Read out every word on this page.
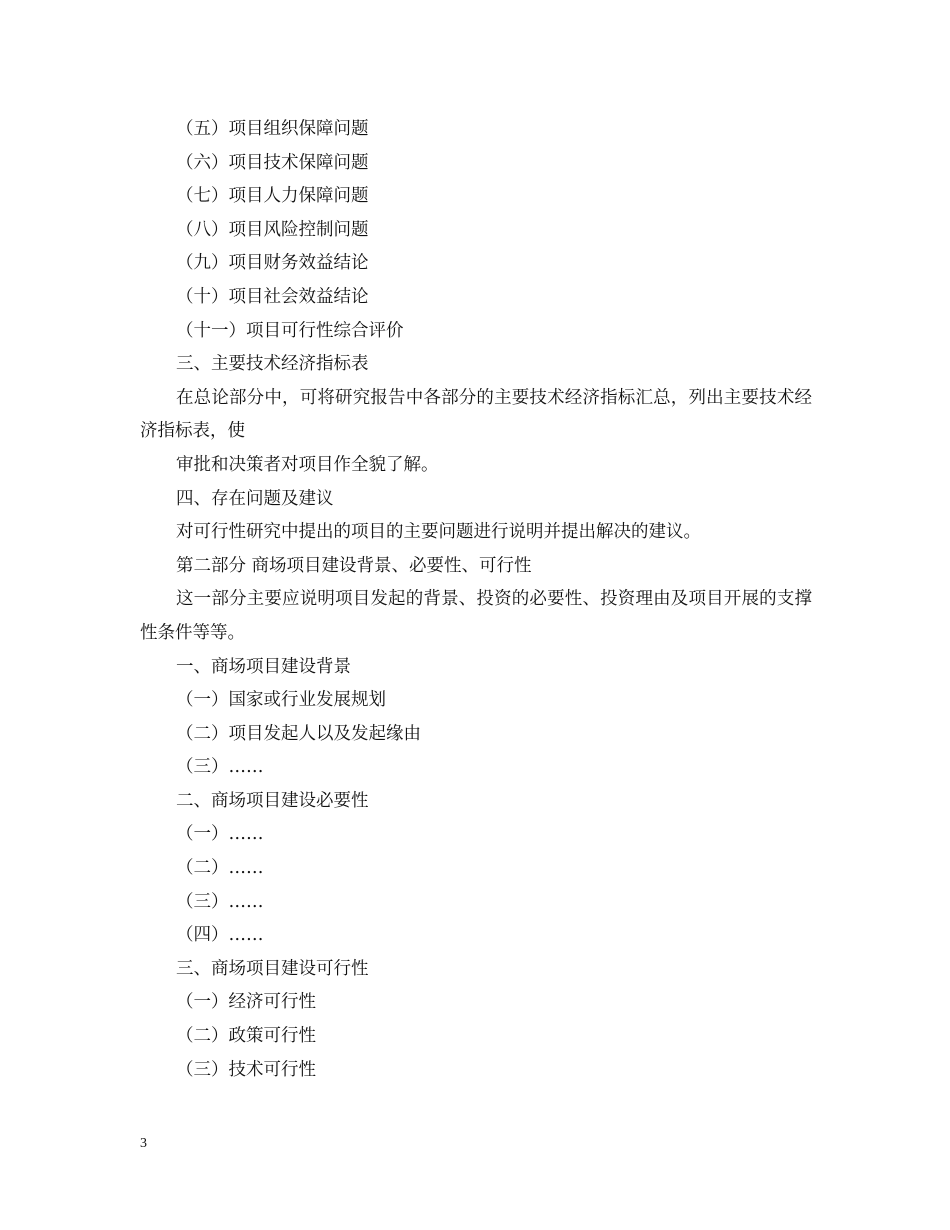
（五）项目组织保障问题
（六）项目技术保障问题
（七）项目人力保障问题
（八）项目风险控制问题
（九）项目财务效益结论
（十）项目社会效益结论
（十一）项目可行性综合评价
三、主要技术经济指标表
在总论部分中，可将研究报告中各部分的主要技术经济指标汇总，列出主要技术经济指标表，使
审批和决策者对项目作全貌了解。
四、存在问题及建议
对可行性研究中提出的项目的主要问题进行说明并提出解决的建议。
第二部分 商场项目建设背景、必要性、可行性
这一部分主要应说明项目发起的背景、投资的必要性、投资理由及项目开展的支撑性条件等等。
一、商场项目建设背景
（一）国家或行业发展规划
（二）项目发起人以及发起缘由
（三）……
二、商场项目建设必要性
（一）……
（二）……
（三）……
（四）……
三、商场项目建设可行性
（一）经济可行性
（二）政策可行性
（三）技术可行性
3
